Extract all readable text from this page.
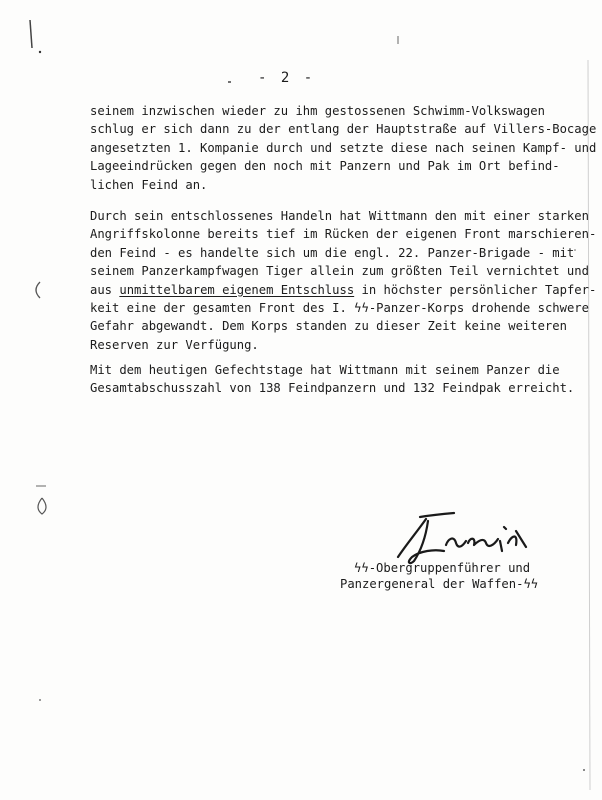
- 2 -

seinem inzwischen wieder zu ihm gestossenen Schwimm-Volkswagen
schlug er sich dann zu der entlang der Hauptstraße auf Villers-Bocage
angesetzten 1. Kompanie durch und setzte diese nach seinen Kampf- und
Lageeindrücken gegen den noch mit Panzern und Pak im Ort befind-
lichen Feind an.

Durch sein entschlossenes Handeln hat Wittmann den mit einer starken
Angriffskolonne bereits tief im Rücken der eigenen Front marschieren-
den Feind - es handelte sich um die engl. 22. Panzer-Brigade - mit
seinem Panzerkampfwagen Tiger allein zum größten Teil vernichtet und
aus unmittelbarem eigenem Entschluss in höchster persönlicher Tapfer-
keit eine der gesamten Front des I. ϟϟ-Panzer-Korps drohende schwere
Gefahr abgewandt. Dem Korps standen zu dieser Zeit keine weiteren
Reserven zur Verfügung.

Mit dem heutigen Gefechtstage hat Wittmann mit seinem Panzer die
Gesamtabschusszahl von 138 Feindpanzern und 132 Feindpak erreicht.

ϟϟ-Obergruppenführer und
Panzergeneral der Waffen-ϟϟ
